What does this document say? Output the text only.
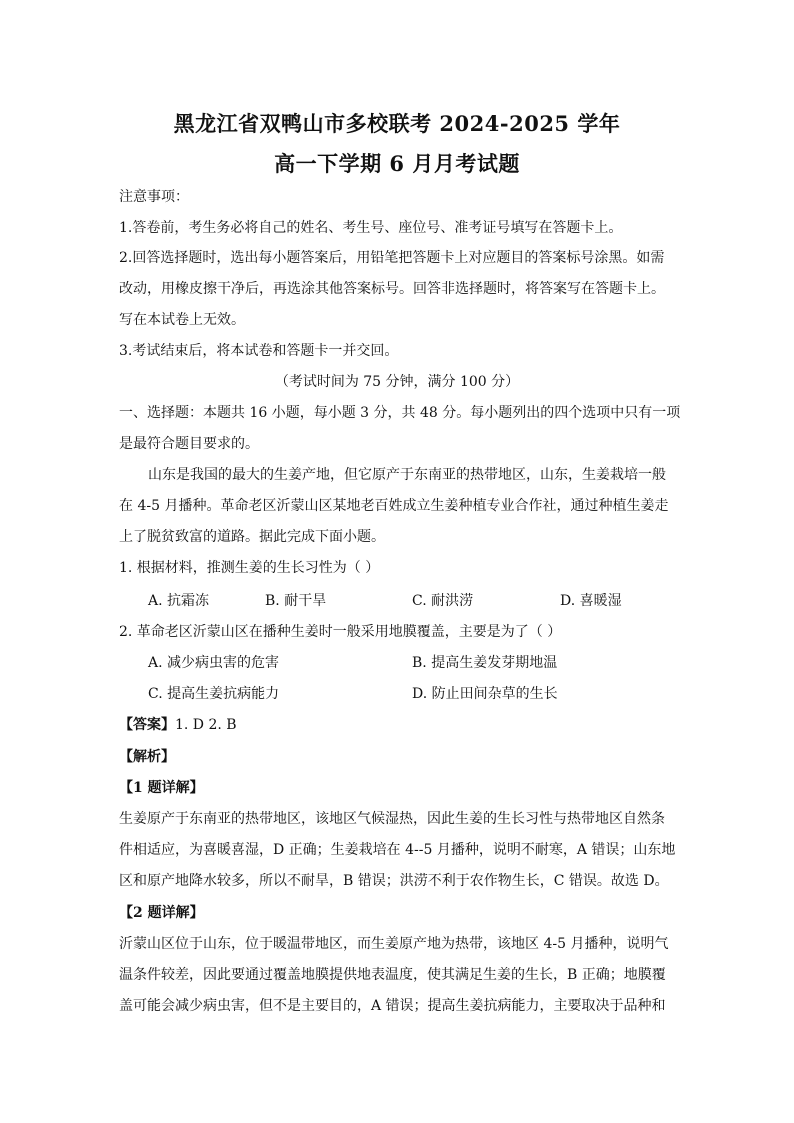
黑龙江省双鸭山市多校联考 2024-2025 学年
高一下学期 6 月月考试题
注意事项：
1.答卷前，考生务必将自己的姓名、考生号、座位号、准考证号填写在答题卡上。
2.回答选择题时，选出每小题答案后，用铅笔把答题卡上对应题目的答案标号涂黑。如需
改动，用橡皮擦干净后，再选涂其他答案标号。回答非选择题时，将答案写在答题卡上。
写在本试卷上无效。
3.考试结束后，将本试卷和答题卡一并交回。
（考试时间为 75 分钟，满分 100 分）
一、选择题：本题共 16 小题，每小题 3 分，共 48 分。每小题列出的四个选项中只有一项
是最符合题目要求的。
山东是我国的最大的生姜产地，但它原产于东南亚的热带地区，山东，生姜栽培一般
在 4-5 月播种。革命老区沂蒙山区某地老百姓成立生姜种植专业合作社，通过种植生姜走
上了脱贫致富的道路。据此完成下面小题。
1. 根据材料，推测生姜的生长习性为（ ）
A. 抗霜冻	B. 耐干旱	C. 耐洪涝	D. 喜暖湿
2. 革命老区沂蒙山区在播种生姜时一般采用地膜覆盖，主要是为了（ ）
A. 减少病虫害的危害	B. 提高生姜发芽期地温
C. 提高生姜抗病能力	D. 防止田间杂草的生长
【答案】1. D 2. B
【解析】
【1 题详解】
生姜原产于东南亚的热带地区，该地区气候湿热，因此生姜的生长习性与热带地区自然条
件相适应，为喜暖喜湿，D 正确；生姜栽培在 4--5 月播种，说明不耐寒，A 错误；山东地
区和原产地降水较多，所以不耐旱，B 错误；洪涝不利于农作物生长，C 错误。故选 D。
【2 题详解】
沂蒙山区位于山东，位于暖温带地区，而生姜原产地为热带，该地区 4-5 月播种，说明气
温条件较差，因此要通过覆盖地膜提供地表温度，使其满足生姜的生长，B 正确；地膜覆
盖可能会减少病虫害，但不是主要目的，A 错误；提高生姜抗病能力，主要取决于品种和
